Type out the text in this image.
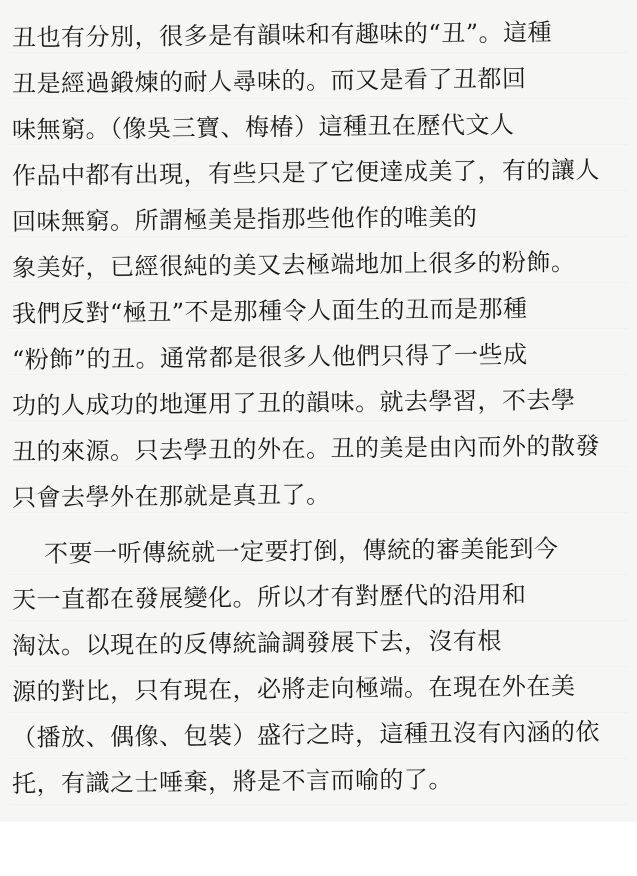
丑也有分別，很多是有韻味和有趣味的“丑”。這種
丑是經過鍛煉的耐人尋味的。而又是看了丑都回
味無窮。（像吳三寶、梅椿）這種丑在歷代文人
作品中都有出現，有些只是了它便達成美了，有的讓人
回味無窮。所謂極美是指那些他作的唯美的
象美好，已經很純的美又去極端地加上很多的粉飾。
我們反對“極丑”不是那種令人面生的丑而是那種
“粉飾”的丑。通常都是很多人他們只得了一些成
功的人成功的地運用了丑的韻味。就去學習，不去學
丑的來源。只去學丑的外在。丑的美是由內而外的散發
只會去學外在那就是真丑了。
不要一听傳統就一定要打倒，傳統的審美能到今
天一直都在發展變化。所以才有對歷代的沿用和
淘汰。以現在的反傳統論調發展下去，沒有根
源的對比，只有現在，必將走向極端。在現在外在美
（播放、偶像、包裝）盛行之時，這種丑沒有內涵的依
托，有識之士唾棄，將是不言而喻的了。
